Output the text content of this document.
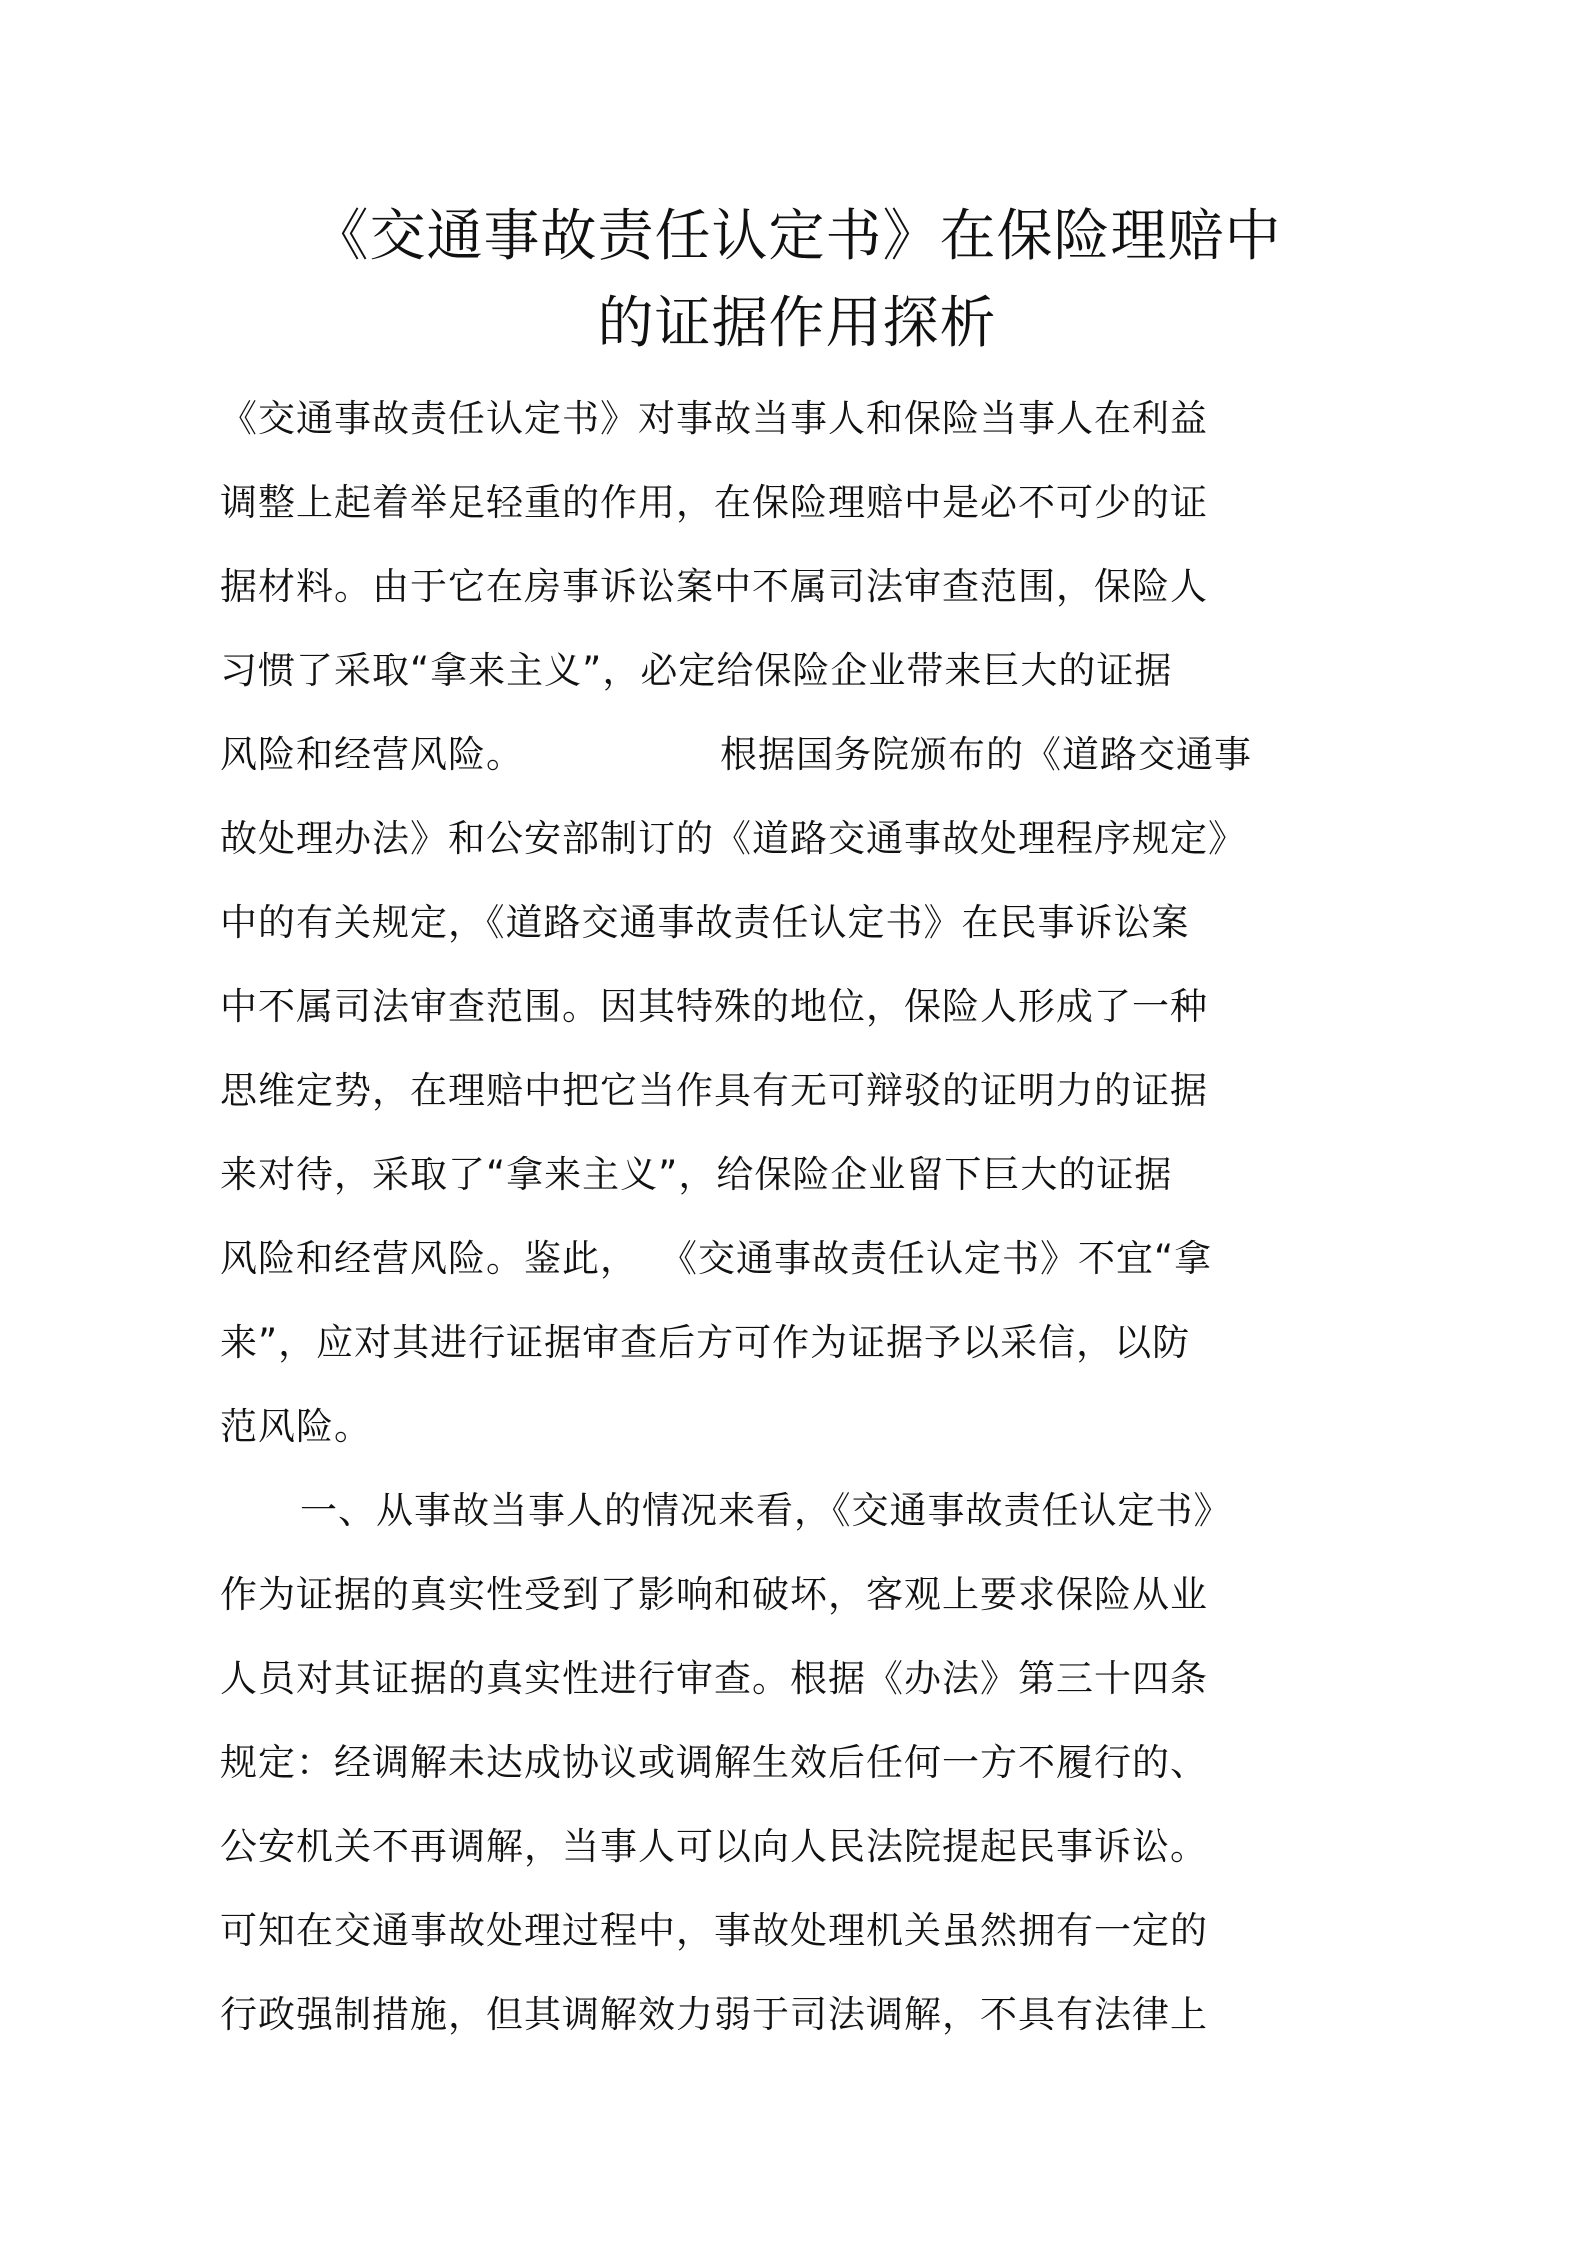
《交通事故责任认定书》在保险理赔中
的证据作用探析
《交通事故责任认定书》对事故当事人和保险当事人在利益
调整上起着举足轻重的作用，在保险理赔中是必不可少的证
据材料。由于它在房事诉讼案中不属司法审查范围，保险人
习惯了采取“拿来主义”，必定给保险企业带来巨大的证据
风险和经营风险。	根据国务院颁布的《道路交通事
故处理办法》和公安部制订的《道路交通事故处理程序规定》
中的有关规定，《道路交通事故责任认定书》在民事诉讼案
中不属司法审查范围。因其特殊的地位，保险人形成了一种
思维定势，在理赔中把它当作具有无可辩驳的证明力的证据
来对待，采取了“拿来主义”，给保险企业留下巨大的证据
风险和经营风险。鉴此， 《交通事故责任认定书》不宜“拿
来”，应对其进行证据审查后方可作为证据予以采信，以防
范风险。
一、从事故当事人的情况来看，《交通事故责任认定书》
作为证据的真实性受到了影响和破坏，客观上要求保险从业
人员对其证据的真实性进行审查。根据《办法》第三十四条
规定：经调解未达成协议或调解生效后任何一方不履行的、
公安机关不再调解，当事人可以向人民法院提起民事诉讼。
可知在交通事故处理过程中，事故处理机关虽然拥有一定的
行政强制措施，但其调解效力弱于司法调解，不具有法律上
